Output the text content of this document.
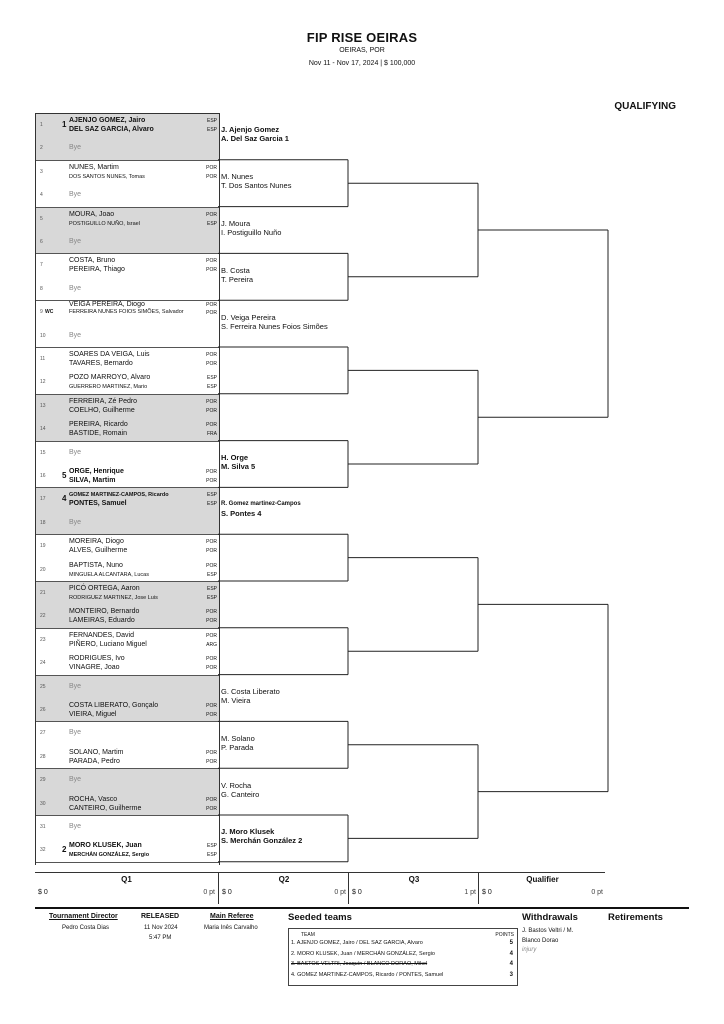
FIP RISE OEIRAS
OEIRAS, POR
Nov 11 - Nov 17, 2024 | $ 100,000
QUALIFYING
1 1 AJENJO GOMEZ, Jairo	ESP
DEL SAZ GARCIA, Alvaro	ESP
2	Bye
3
NUNES, Martim	POR
DOS SANTOS NUNES, Tomas	POR
4	Bye
5
MOURA, Joao	POR
POSTIGUILLO NUÑO, Israel	ESP
6	Bye
7
COSTA, Bruno	POR
PEREIRA, Thiago	POR
8	Bye
9 WC
VEIGA PEREIRA, Diogo	POR
FERREIRA NUNES FOIOS SIMÕES, Salvador	POR
10	Bye
11
SOARES DA VEIGA, Luis	POR
TAVARES, Bernardo	POR
12
POZO MARROYO, Alvaro	ESP
GUERRERO MARTINEZ, Mario	ESP
13
FERREIRA, Zé Pedro	POR
COELHO, Guilherme	POR
14
PEREIRA, Ricardo	POR
BASTIDE, Romain	FRA
15	Bye
16 5 ORGE, Henrique	POR
SILVA, Martim	POR
17 4 GOMEZ MARTINEZ-CAMPOS, Ricardo	ESP
PONTES, Samuel	ESP
18	Bye
19
MOREIRA, Diogo	POR
ALVES, Guilherme	POR
20
BAPTISTA, Nuno	POR
MINGUELA ALCANTARA, Lucas	ESP
21
PICÓ ORTEGA, Aaron	ESP
RODRIGUEZ MARTINEZ, Jose Luis	ESP
22
MONTEIRO, Bernardo	POR
LAMEIRAS, Eduardo	POR
23
FERNANDES, David	POR
PIÑERO, Luciano Miguel	ARG
24
RODRIGUES, Ivo	POR
VINAGRE, Joao	POR
25	Bye
26
COSTA LIBERATO, Gonçalo	POR
VIEIRA, Miguel	POR
27	Bye
28
SOLANO, Martim	POR
PARADA, Pedro	POR
29	Bye
30
ROCHA, Vasco	POR
CANTEIRO, Guilherme	POR
31	Bye
32 2 MORO KLUSEK, Juan	ESP
MERCHÁN GONZÁLEZ, Sergio	ESP
J. Ajenjo Gomez
A. Del Saz Garcia 1
M. Nunes
T. Dos Santos Nunes
J. Moura
I. Postiguillo Nuño
B. Costa
T. Pereira
D. Veiga Pereira
S. Ferreira Nunes Foios Simões
H. Orge
M. Silva 5
R. Gomez martinez-Campos
S. Pontes 4
G. Costa Liberato
M. Vieira
M. Solano
P. Parada
V. Rocha
G. Canteiro
J. Moro Klusek
S. Merchán González 2
Q1
$ 0	0 pt
Q2
$ 0	0 pt
Q3
$ 0	1 pt
Qualifier
$ 0	0 pt
Tournament Director
Pedro Costa Dias
RELEASED
11 Nov 2024
5:47 PM
Main Referee
Maria Inês Carvalho
Seeded teams
TEAM	POINTS
1. AJENJO GOMEZ, Jairo / DEL SAZ GARCIA, Alvaro	5
2. MORO KLUSEK, Juan / MERCHÁN GONZÁLEZ, Sergio	4
3. BASTOS VELTRI, Joaquín / BLANCO DORAO, Mikel	4
4. GOMEZ MARTINEZ-CAMPOS, Ricardo / PONTES, Samuel	3
Withdrawals
J. Bastos Veltri / M.
Blanco Dorao
injury
Retirements
